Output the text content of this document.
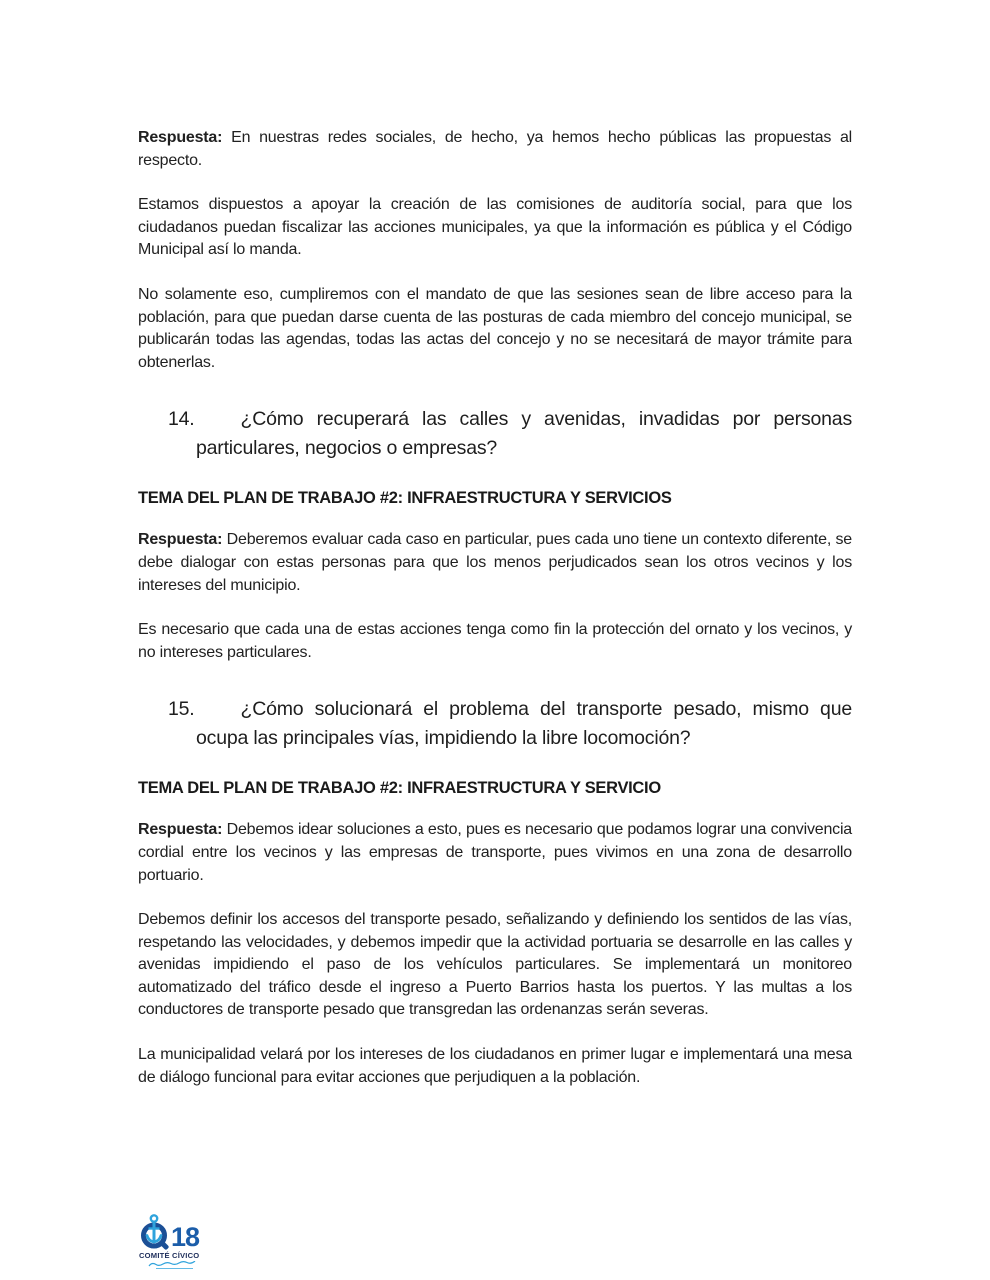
Respuesta: En nuestras redes sociales, de hecho, ya hemos hecho públicas las propuestas al respecto.

Estamos dispuestos a apoyar la creación de las comisiones de auditoría social, para que los ciudadanos puedan fiscalizar las acciones municipales, ya que la información es pública y el Código Municipal así lo manda.

No solamente eso, cumpliremos con el mandato de que las sesiones sean de libre acceso para la población, para que puedan darse cuenta de las posturas de cada miembro del concejo municipal, se publicarán todas las agendas, todas las actas del concejo y no se necesitará de mayor trámite para obtenerlas.

14. ¿Cómo recuperará las calles y avenidas, invadidas por personas particulares, negocios o empresas?
TEMA DEL PLAN DE TRABAJO #2: INFRAESTRUCTURA Y SERVICIOS

Respuesta: Deberemos evaluar cada caso en particular, pues cada uno tiene un contexto diferente, se debe dialogar con estas personas para que los menos perjudicados sean los otros vecinos y los intereses del municipio.

Es necesario que cada una de estas acciones tenga como fin la protección del ornato y los vecinos, y no intereses particulares.

15. ¿Cómo solucionará el problema del transporte pesado, mismo que ocupa las principales vías, impidiendo la libre locomoción?
TEMA DEL PLAN DE TRABAJO #2: INFRAESTRUCTURA Y SERVICIO

Respuesta: Debemos idear soluciones a esto, pues es necesario que podamos lograr una convivencia cordial entre los vecinos y las empresas de transporte, pues vivimos en una zona de desarrollo portuario.

Debemos definir los accesos del transporte pesado, señalizando y definiendo los sentidos de las vías, respetando las velocidades, y debemos impedir que la actividad portuaria se desarrolle en las calles y avenidas impidiendo el paso de los vehículos particulares. Se implementará un monitoreo automatizado del tráfico desde el ingreso a Puerto Barrios hasta los puertos. Y las multas a los conductores de transporte pesado que transgredan las ordenanzas serán severas.

La municipalidad velará por los intereses de los ciudadanos en primer lugar e implementará una mesa de diálogo funcional para evitar acciones que perjudiquen a la población.

18
COMITÉ CÍVICO
